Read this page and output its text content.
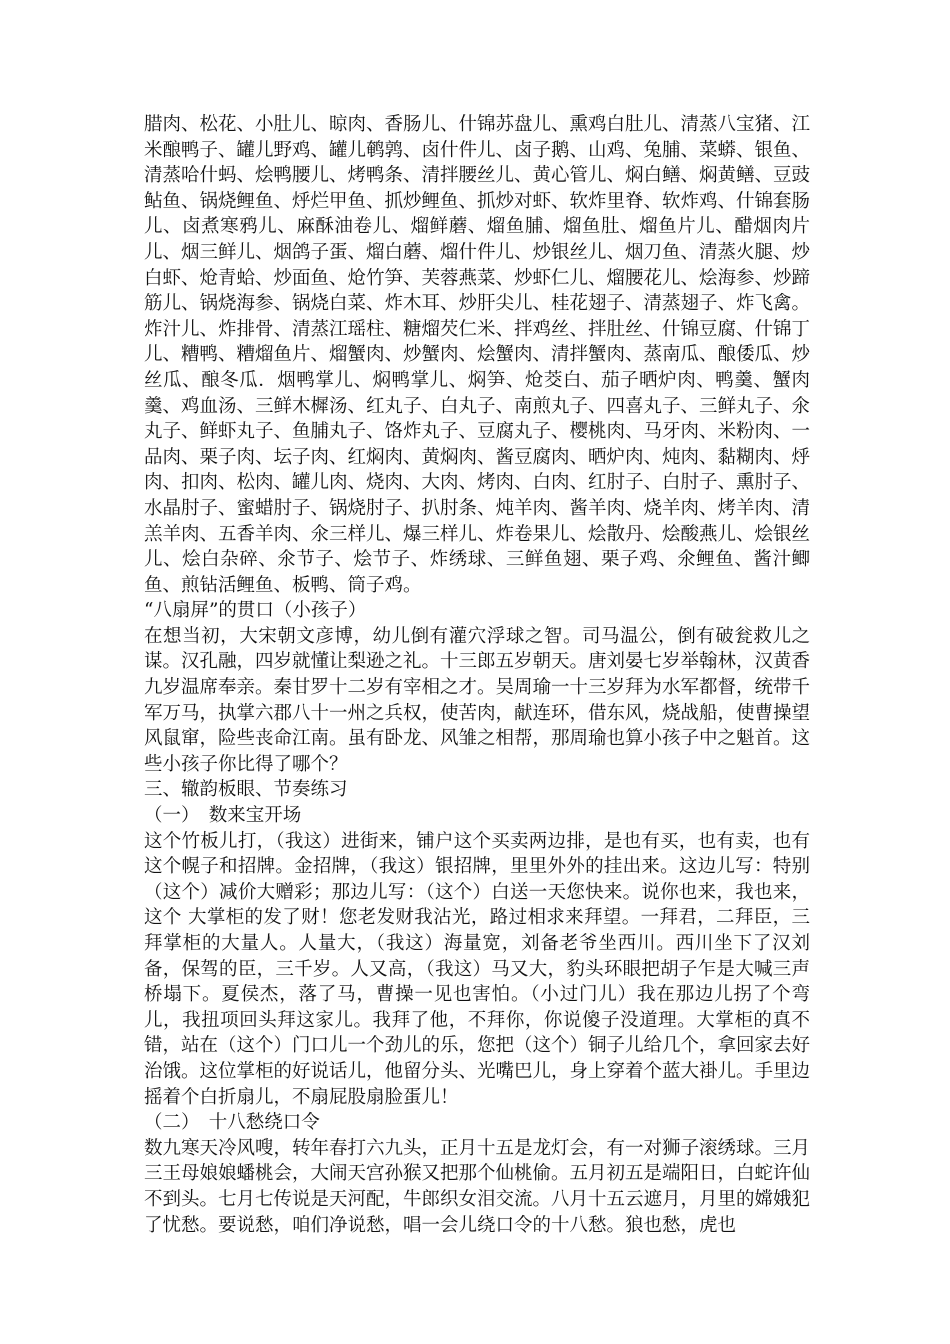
腊肉、松花、小肚儿、晾肉、香肠儿、什锦苏盘儿、熏鸡白肚儿、清蒸八宝猪、江米酿鸭子、罐儿野鸡、罐儿鹌鹑、卤什件儿、卤子鹅、山鸡、兔脯、菜蟒、银鱼、清蒸哈什蚂、烩鸭腰儿、烤鸭条、清拌腰丝儿、黄心管儿、焖白鳝、焖黄鳝、豆豉鲇鱼、锅烧鲤鱼、烀烂甲鱼、抓炒鲤鱼、抓炒对虾、软炸里脊、软炸鸡、什锦套肠儿、卤煮寒鸦儿、麻酥油卷儿、熘鲜蘑、熘鱼脯、熘鱼肚、熘鱼片儿、醋烟肉片儿、烟三鲜儿、烟鸽子蛋、熘白蘑、熘什件儿、炒银丝儿、烟刀鱼、清蒸火腿、炒白虾、炝青蛤、炒面鱼、炝竹笋、芙蓉燕菜、炒虾仁儿、熘腰花儿、烩海参、炒蹄筋儿、锅烧海参、锅烧白菜、炸木耳、炒肝尖儿、桂花翅子、清蒸翅子、炸飞禽。炸汁儿、炸排骨、清蒸江瑶柱、糖熘芡仁米、拌鸡丝、拌肚丝、什锦豆腐、什锦丁儿、糟鸭、糟熘鱼片、熘蟹肉、炒蟹肉、烩蟹肉、清拌蟹肉、蒸南瓜、酿倭瓜、炒丝瓜、酿冬瓜．烟鸭掌儿、焖鸭掌儿、焖笋、炝茭白、茄子晒炉肉、鸭羹、蟹肉羹、鸡血汤、三鲜木樨汤、红丸子、白丸子、南煎丸子、四喜丸子、三鲜丸子、氽丸子、鲜虾丸子、鱼脯丸子、饹炸丸子、豆腐丸子、樱桃肉、马牙肉、米粉肉、一品肉、栗子肉、坛子肉、红焖肉、黄焖肉、酱豆腐肉、晒炉肉、炖肉、黏糊肉、烀肉、扣肉、松肉、罐儿肉、烧肉、大肉、烤肉、白肉、红肘子、白肘子、熏肘子、水晶肘子、蜜蜡肘子、锅烧肘子、扒肘条、炖羊肉、酱羊肉、烧羊肉、烤羊肉、清羔羊肉、五香羊肉、氽三样儿、爆三样儿、炸卷果儿、烩散丹、烩酸燕儿、烩银丝儿、烩白杂碎、氽节子、烩节子、炸绣球、三鲜鱼翅、栗子鸡、氽鲤鱼、酱汁鲫鱼、煎钻活鲤鱼、板鸭、筒子鸡。

“八扇屏”的贯口（小孩子）

在想当初，大宋朝文彦博，幼儿倒有灌穴浮球之智。司马温公，倒有破瓮救儿之谋。汉孔融，四岁就懂让梨逊之礼。十三郎五岁朝天。唐刘晏七岁举翰林，汉黄香九岁温席奉亲。秦甘罗十二岁有宰相之才。吴周瑜一十三岁拜为水军都督，统带千军万马，执掌六郡八十一州之兵权，使苦肉，献连环，借东风，烧战船，使曹操望风鼠窜，险些丧命江南。虽有卧龙、风雏之相帮，那周瑜也算小孩子中之魁首。这些小孩子你比得了哪个？

三、辙韵板眼、节奏练习

（一）　数来宝开场

这个竹板儿打，（我这）进街来，铺户这个买卖两边排，是也有买，也有卖，也有这个幌子和招牌。金招牌，（我这）银招牌，里里外外的挂出来。这边儿写：特别（这个）减价大赠彩；那边儿写：（这个）白送一天您快来。说你也来，我也来， 这个 大掌柜的发了财！您老发财我沾光，路过相求来拜望。一拜君，二拜臣，三拜掌柜的大量人。人量大，（我这）海量宽，刘备老爷坐西川。西川坐下了汉刘备，保驾的臣，三千岁。人又高，（我这）马又大，豹头环眼把胡子乍是大喊三声桥塌下。夏侯杰，落了马，曹操一见也害怕。（小过门儿）我在那边儿拐了个弯儿，我扭项回头拜这家儿。我拜了他，不拜你，你说傻子没道理。大掌柜的真不错，站在（这个）门口儿一个劲儿的乐，您把（这个）铜子儿给几个，拿回家去好治饿。这位掌柜的好说话儿，他留分头、光嘴巴儿，身上穿着个蓝大褂儿。手里边摇着个白折扇儿，不扇屁股扇脸蛋儿！

（二）　十八愁绕口令

数九寒天冷风嗖，转年春打六九头，正月十五是龙灯会，有一对狮子滚绣球。三月三王母娘娘蟠桃会，大闹天宫孙猴又把那个仙桃偷。五月初五是端阳日，白蛇许仙不到头。七月七传说是天河配，牛郎织女泪交流。八月十五云遮月，月里的嫦娥犯了忧愁。要说愁，咱们净说愁，唱一会儿绕口令的十八愁。狼也愁，虎也
